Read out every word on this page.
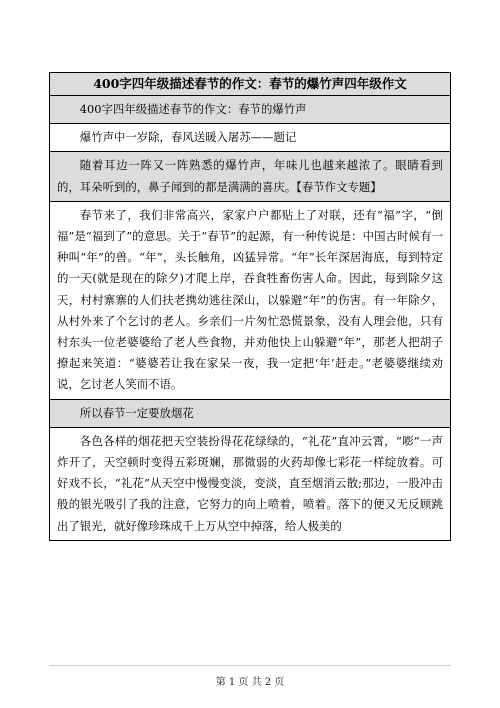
400字四年级描述春节的作文：春节的爆竹声四年级作文
400字四年级描述春节的作文：春节的爆竹声
爆竹声中一岁除，春风送暖入屠苏——题记
随着耳边一阵又一阵熟悉的爆竹声，年味儿也越来越浓了。眼睛看到的，耳朵听到的，鼻子闻到的都是满满的喜庆。【春节作文专题】
春节来了，我们非常高兴，家家户户都贴上了对联，还有“福”字，“倒福”是“福到了”的意思。关于“春节”的起源，有一种传说是：中国古时候有一种叫“年”的兽。“年”，头长触角，凶猛异常。“年”长年深居海底，每到特定的一天(就是现在的除夕)才爬上岸，吞食牲畜伤害人命。因此，每到除夕这天，村村寨寨的人们扶老携幼逃往深山，以躲避“年”的伤害。有一年除夕，从村外来了个乞讨的老人。乡亲们一片匆忙恐慌景象，没有人理会他，只有村东头一位老婆婆给了老人些食物，并劝他快上山躲避“年”，那老人把胡子撩起来笑道：“婆婆若让我在家呆一夜，我一定把‘年’赶走。”老婆婆继续劝说，乞讨老人笑而不语。
所以春节一定要放烟花
各色各样的烟花把天空装扮得花花绿绿的，“礼花”直冲云霄，“嘭”一声炸开了，天空顿时变得五彩斑斓，那微弱的火药却像七彩花一样绽放着。可好戏不长，“礼花”从天空中慢慢变淡，变淡，直至烟消云散;那边，一股冲击般的银光吸引了我的注意，它努力的向上喷着，喷着。落下的便又无反顾跳出了银光，就好像珍珠成千上万从空中掉落，给人极美的
第 1 页 共 2 页
